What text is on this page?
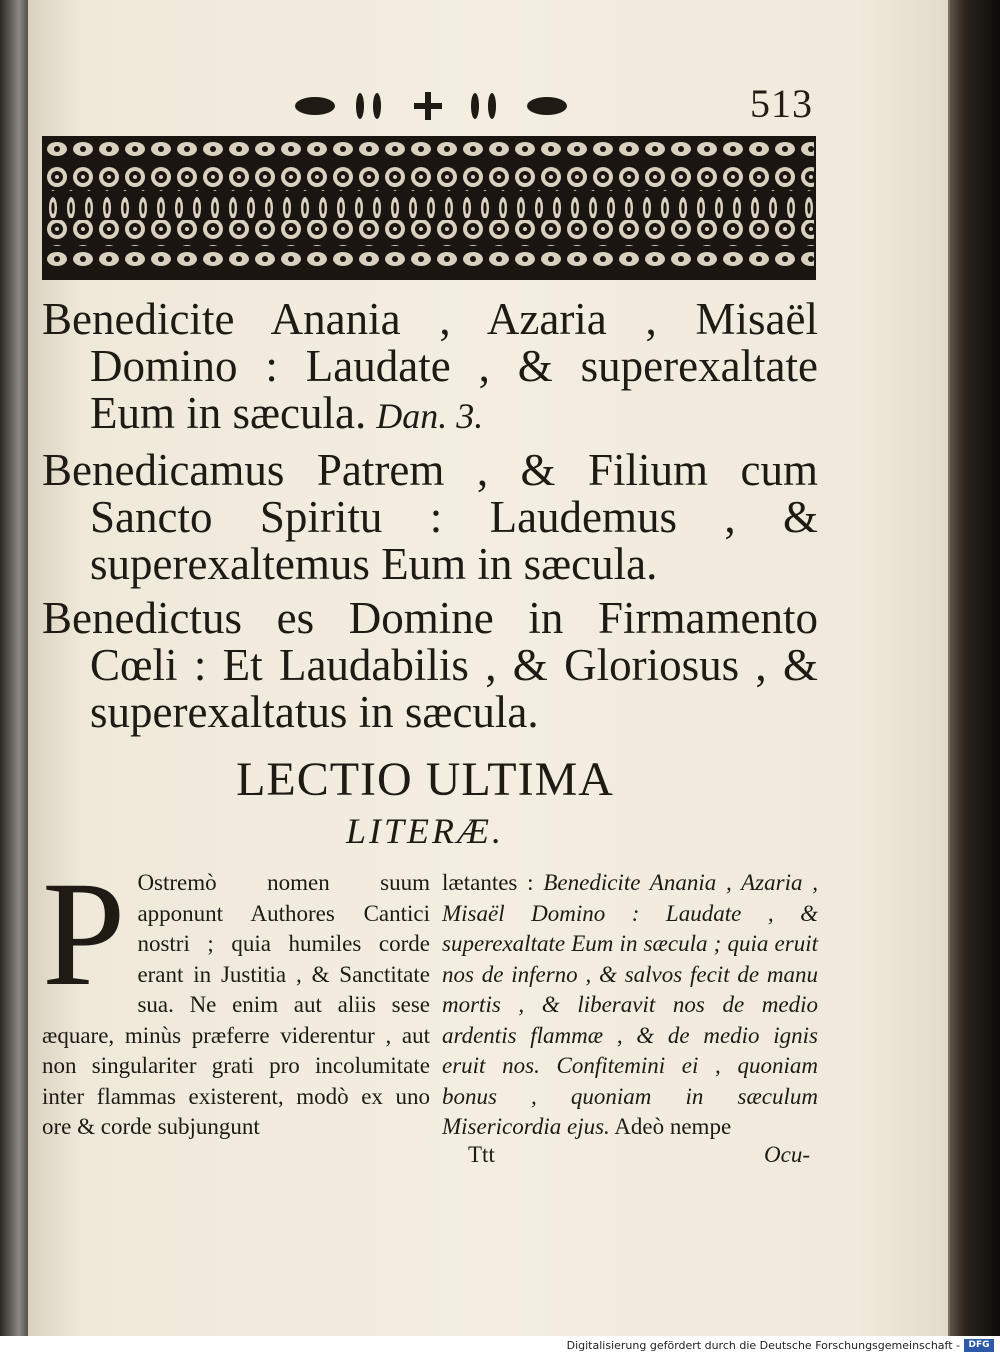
513

Benedicite Anania , Azaria , Misaël Domino : Laudate , & superexaltate Eum in sæcula. Dan. 3.

Benedicamus Patrem , & Filium cum Sancto Spiritu : Laudemus , & superexaltemus Eum in sæcula.

Benedictus es Domine in Firmamento Cœli : Et Laudabilis , & Gloriosus , & superexaltatus in sæcula.

LECTIO ULTIMA
LITERÆ.
P Ostremò nomen suum apponunt Authores Cantici nostri ; quia humiles corde erant in Justitia , & Sanctitate sua. Ne enim aut aliis sese æquare, minùs præferre viderentur , aut non singulariter grati pro incolumitate inter flammas existerent, modò ex uno ore & corde subjungunt
lætantes : Benedicite Anania , Azaria , Misaël Domino : Laudate , & superexaltate Eum in sæcula ; quia eruit nos de inferno , & salvos fecit de manu mortis , & liberavit nos de medio ardentis flammæ , & de medio ignis eruit nos. Confitemini ei , quoniam bonus , quoniam in sæculum Misericordia ejus. Adeò nempe
Ttt	Ocu-
Digitalisierung gefördert durch die Deutsche Forschungsgemeinschaft - DFG
